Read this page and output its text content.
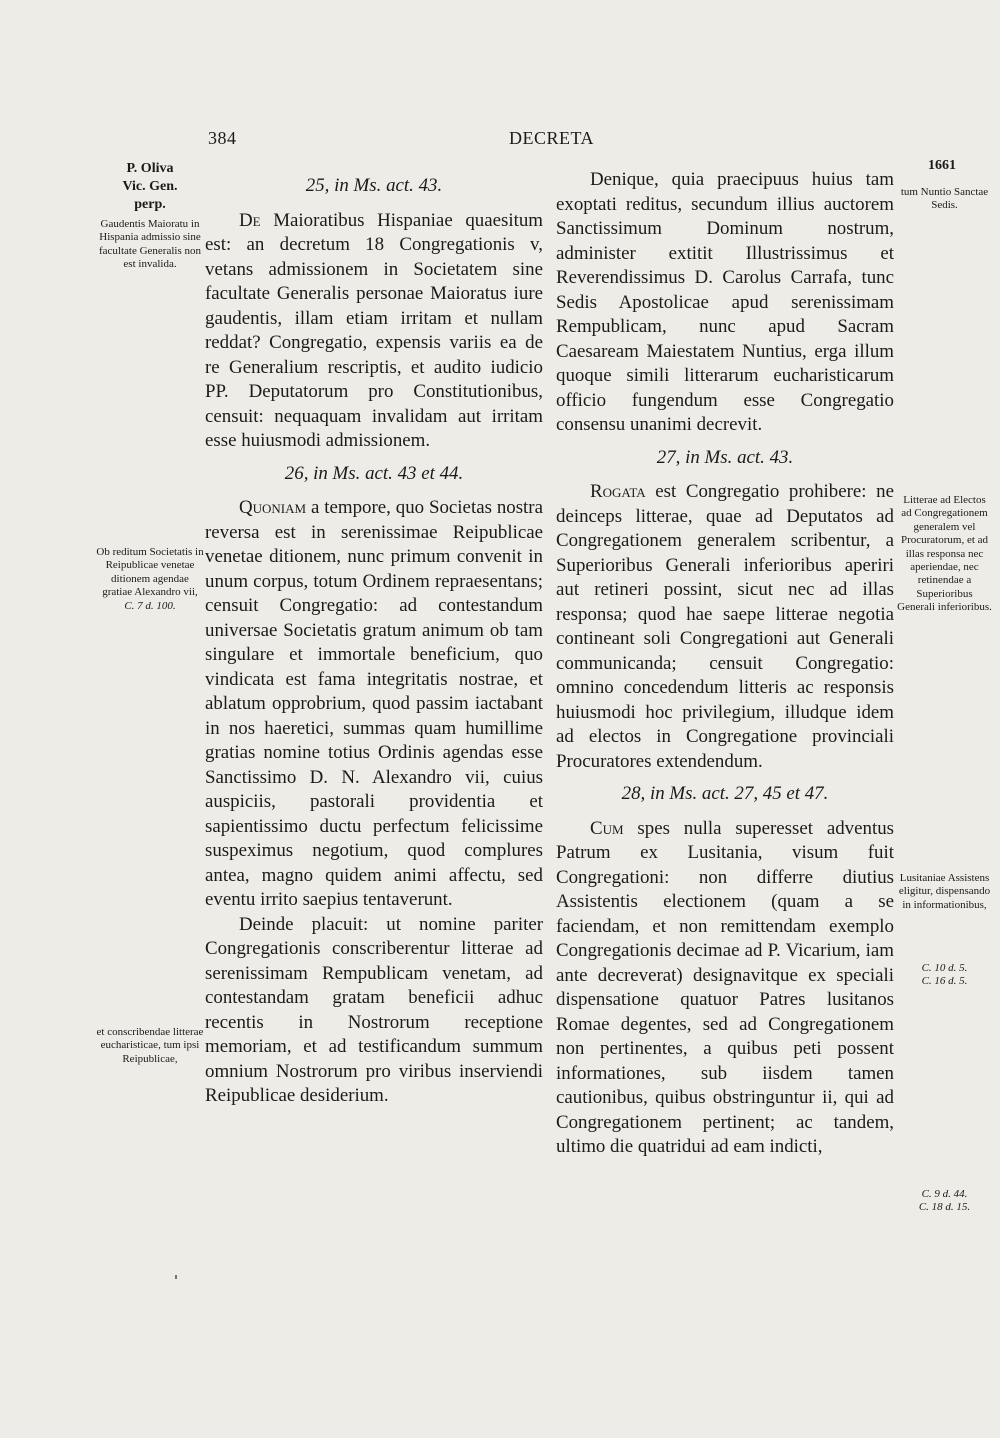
384	DECRETA
P. Oliva
Vic. Gen.
perp.
Gaudentis Maioratu in Hispania admissio sine facultate Generalis non est invalida.
Ob reditum Societatis in Reipublicae venetae ditionem agendae gratiae Alexandro vii,
C. 7 d. 100.
et conscribendae litterae eucharisticae, tum ipsi Reipublicae,
1661
tum Nuntio Sanctae Sedis.
Litterae ad Electos ad Congregationem generalem vel Procuratorum, et ad illas responsa nec aperiendae, nec retinendae a Superioribus Generali inferioribus.
Lusitaniae Assistens eligitur, dispensando in informationibus,
C. 10 d. 5.
C. 16 d. 5.
C. 9 d. 44.
C. 18 d. 15.
25, in Ms. act. 43.

De Maioratibus Hispaniae quaesitum est: an decretum 18 Congregationis v, vetans admissionem in Societatem sine facultate Generalis personae Maioratus iure gaudentis, illam etiam irritam et nullam reddat? Congregatio, expensis variis ea de re Generalium rescriptis, et audito iudicio PP. Deputatorum pro Constitutionibus, censuit: nequaquam invalidam aut irritam esse huiusmodi admissionem.

26, in Ms. act. 43 et 44.

Quoniam a tempore, quo Societas nostra reversa est in serenissimae Reipublicae venetae ditionem, nunc primum convenit in unum corpus, totum Ordinem repraesentans; censuit Congregatio: ad contestandum universae Societatis gratum animum ob tam singulare et immortale beneficium, quo vindicata est fama integritatis nostrae, et ablatum opprobrium, quod passim iactabant in nos haeretici, summas quam humillime gratias nomine totius Ordinis agendas esse Sanctissimo D. N. Alexandro vii, cuius auspiciis, pastorali providentia et sapientissimo ductu perfectum felicissime suspeximus negotium, quod complures antea, magno quidem animi affectu, sed eventu irrito saepius tentaverunt.

Deinde placuit: ut nomine pariter Congregationis conscriberentur litterae ad serenissimam Rempublicam venetam, ad contestandam gratam beneficii adhuc recentis in Nostrorum receptione memoriam, et ad testificandum summum omnium Nostrorum pro viribus inserviendi Reipublicae desiderium.

Denique, quia praecipuus huius tam exoptati reditus, secundum illius auctorem Sanctissimum Dominum nostrum, administer extitit Illustrissimus et Reverendissimus D. Carolus Carrafa, tunc Sedis Apostolicae apud serenissimam Rempublicam, nunc apud Sacram Caesaream Maiestatem Nuntius, erga illum quoque simili litterarum eucharisticarum officio fungendum esse Congregatio consensu unanimi decrevit.

27, in Ms. act. 43.

Rogata est Congregatio prohibere: ne deinceps litterae, quae ad Deputatos ad Congregationem generalem scribentur, a Superioribus Generali inferioribus aperiri aut retineri possint, sicut nec ad illas responsa; quod hae saepe litterae negotia contineant soli Congregationi aut Generali communicanda; censuit Congregatio: omnino concedendum litteris ac responsis huiusmodi hoc privilegium, illudque idem ad electos in Congregatione provinciali Procuratores extendendum.

28, in Ms. act. 27, 45 et 47.

Cum spes nulla superesset adventus Patrum ex Lusitania, visum fuit Congregationi: non differre diutius Assistentis electionem (quam a se faciendam, et non remittendam exemplo Congregationis decimae ad P. Vicarium, iam ante decreverat) designavitque ex speciali dispensatione quatuor Patres lusitanos Romae degentes, sed ad Congregationem non pertinentes, a quibus peti possent informationes, sub iisdem tamen cautionibus, quibus obstringuntur ii, qui ad Congregationem pertinent; ac tandem, ultimo die quatridui ad eam indicti,
